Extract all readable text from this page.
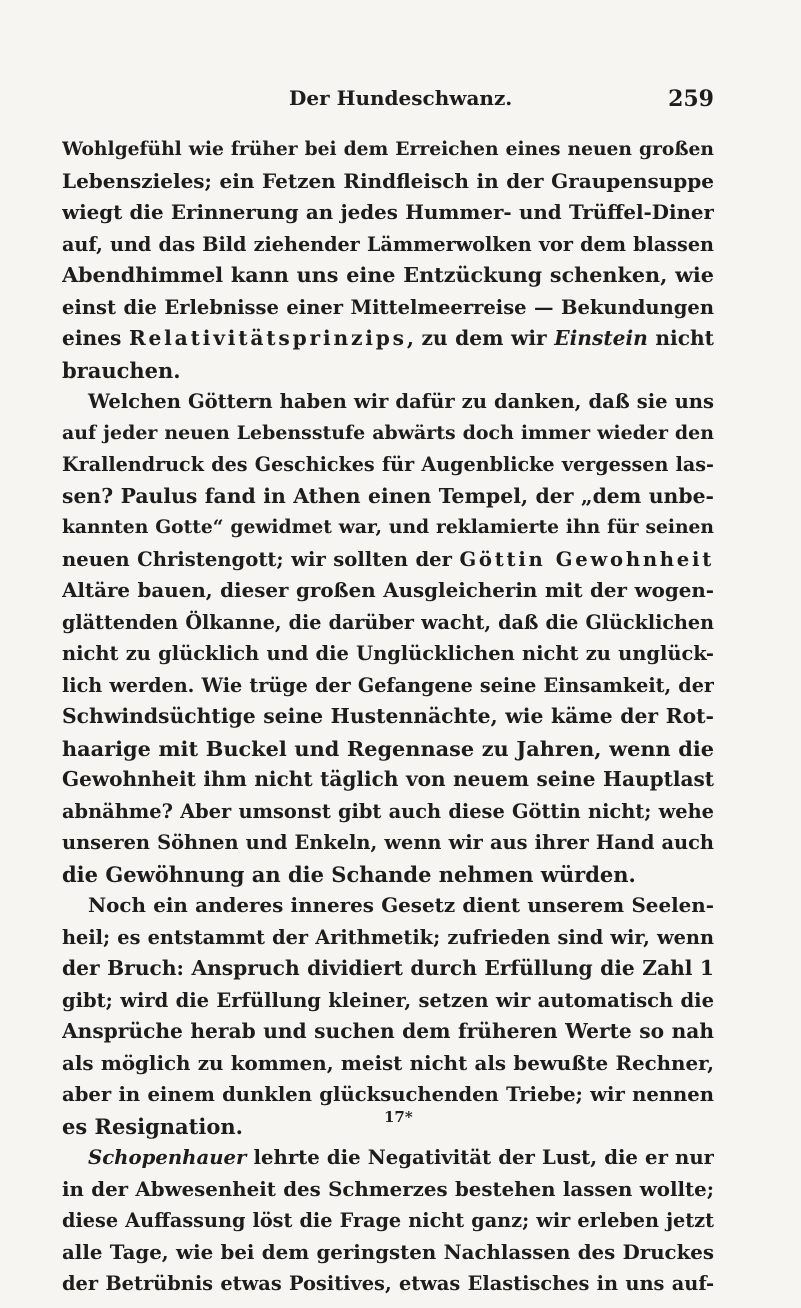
Der Hundeschwanz.	259
Wohlgefühl wie früher bei dem Erreichen eines neuen großen
Lebenszieles; ein Fetzen Rindfleisch in der Graupensuppe
wiegt die Erinnerung an jedes Hummer- und Trüffel-Diner
auf, und das Bild ziehender Lämmerwolken vor dem blassen
Abendhimmel kann uns eine Entzückung schenken, wie
einst die Erlebnisse einer Mittelmeerreise — Bekundungen
eines Relativitätsprinzips, zu dem wir Einstein nicht
brauchen.
Welchen Göttern haben wir dafür zu danken, daß sie uns
auf jeder neuen Lebensstufe abwärts doch immer wieder den
Krallendruck des Geschickes für Augenblicke vergessen las-
sen? Paulus fand in Athen einen Tempel, der „dem unbe-
kannten Gotte“ gewidmet war, und reklamierte ihn für seinen
neuen Christengott; wir sollten der Göttin Gewohnheit
Altäre bauen, dieser großen Ausgleicherin mit der wogen-
glättenden Ölkanne, die darüber wacht, daß die Glücklichen
nicht zu glücklich und die Unglücklichen nicht zu unglück-
lich werden. Wie trüge der Gefangene seine Einsamkeit, der
Schwindsüchtige seine Hustennächte, wie käme der Rot-
haarige mit Buckel und Regennase zu Jahren, wenn die
Gewohnheit ihm nicht täglich von neuem seine Hauptlast
abnähme? Aber umsonst gibt auch diese Göttin nicht; wehe
unseren Söhnen und Enkeln, wenn wir aus ihrer Hand auch
die Gewöhnung an die Schande nehmen würden.
Noch ein anderes inneres Gesetz dient unserem Seelen-
heil; es entstammt der Arithmetik; zufrieden sind wir, wenn
der Bruch: Anspruch dividiert durch Erfüllung die Zahl 1
gibt; wird die Erfüllung kleiner, setzen wir automatisch die
Ansprüche herab und suchen dem früheren Werte so nah
als möglich zu kommen, meist nicht als bewußte Rechner,
aber in einem dunklen glücksuchenden Triebe; wir nennen
es Resignation.
Schopenhauer lehrte die Negativität der Lust, die er nur
in der Abwesenheit des Schmerzes bestehen lassen wollte;
diese Auffassung löst die Frage nicht ganz; wir erleben jetzt
alle Tage, wie bei dem geringsten Nachlassen des Druckes
der Betrübnis etwas Positives, etwas Elastisches in uns auf-
17*
